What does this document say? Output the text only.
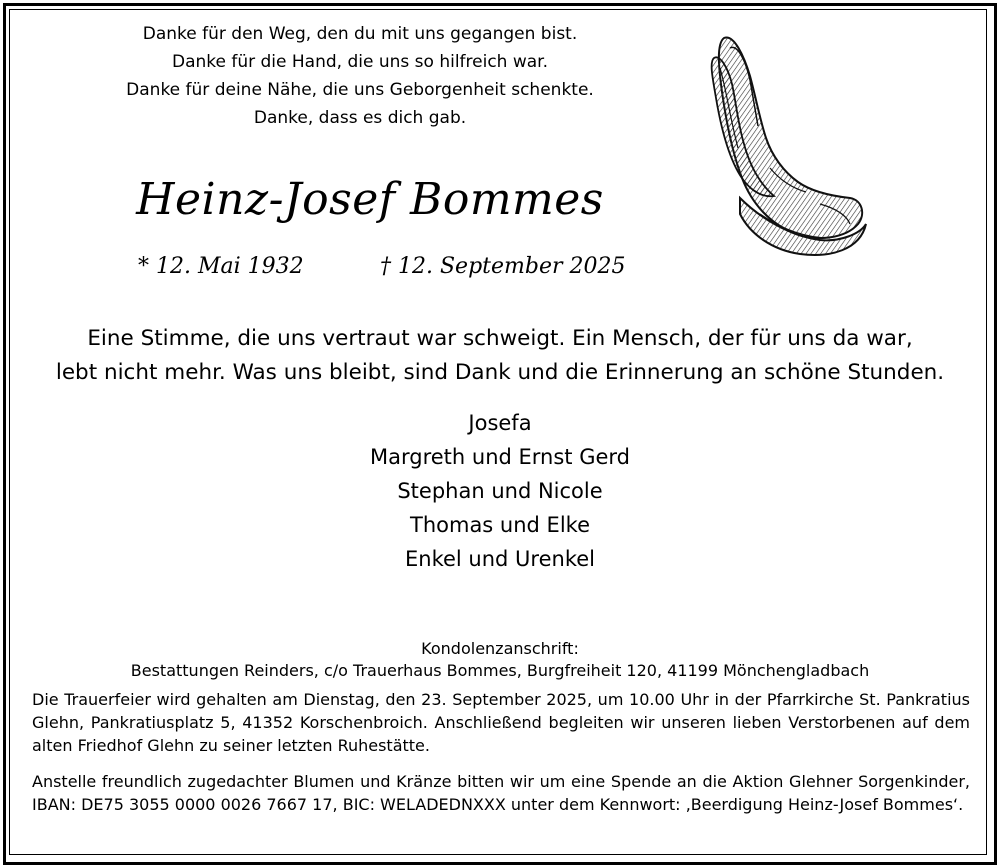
Danke für den Weg, den du mit uns gegangen bist.
Danke für die Hand, die uns so hilfreich war.
Danke für deine Nähe, die uns Geborgenheit schenkte.
Danke, dass es dich gab.
Heinz-Josef Bommes
* 12. Mai 1932	† 12. September 2025
Eine Stimme, die uns vertraut war schweigt. Ein Mensch, der für uns da war,
lebt nicht mehr. Was uns bleibt, sind Dank und die Erinnerung an schöne Stunden.
Josefa
Margreth und Ernst Gerd
Stephan und Nicole
Thomas und Elke
Enkel und Urenkel
Kondolenzanschrift:
Bestattungen Reinders, c/o Trauerhaus Bommes, Burgfreiheit 120, 41199 Mönchengladbach
Die Trauerfeier wird gehalten am Dienstag, den 23. September 2025, um 10.00 Uhr in der Pfarrkirche St. Pankratius Glehn, Pankratiusplatz 5, 41352 Korschenbroich. Anschließend begleiten wir unseren lieben Verstorbenen auf dem alten Friedhof Glehn zu seiner letzten Ruhestätte.
Anstelle freundlich zugedachter Blumen und Kränze bitten wir um eine Spende an die Aktion Glehner Sorgenkinder, IBAN: DE75 3055 0000 0026 7667 17, BIC: WELADEDNXXX unter dem Kennwort: ‚Beerdigung Heinz-Josef Bommes‘.
